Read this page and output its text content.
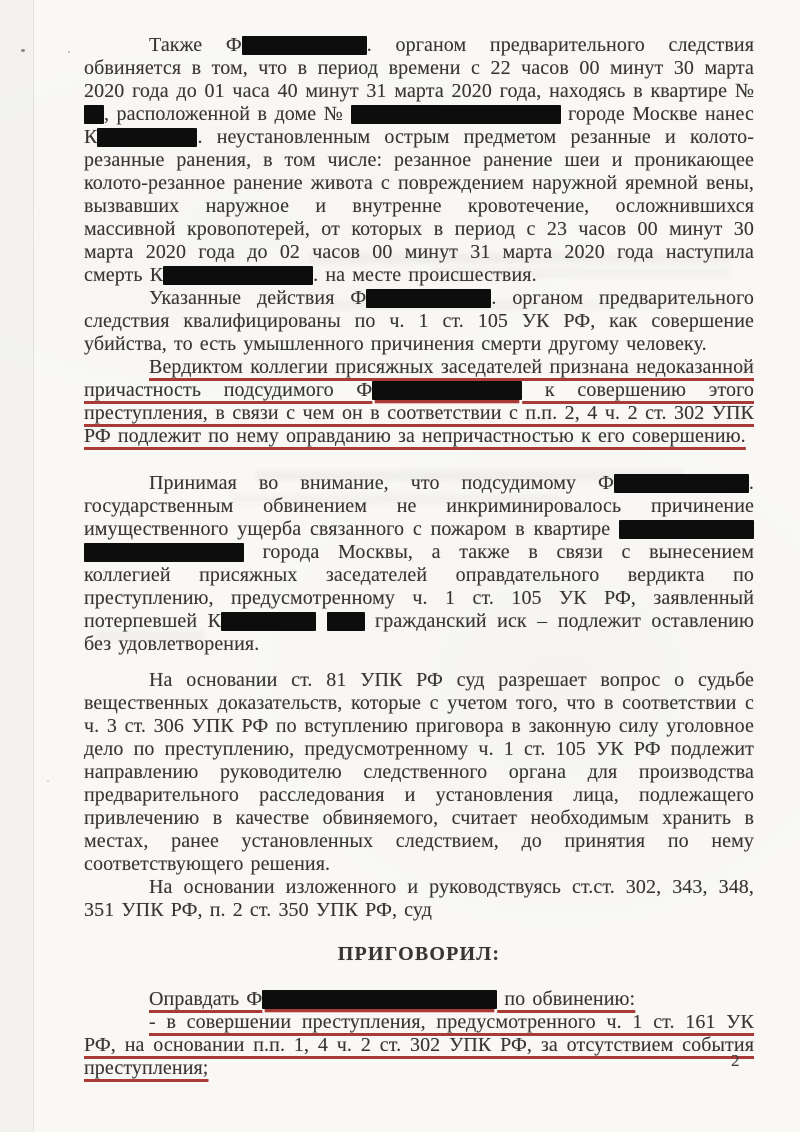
Также Ф	. органом предварительного следствия обвиняется в том, что в период времени с 22 часов 00 минут 30 марта 2020 года до 01 часа 40 минут 31 марта 2020 года, находясь в квартире № , расположенной в доме №	городе Москве нанес К	. неустановленным острым предметом резанные и колото-резанные ранения, в том числе: резанное ранение шеи и проникающее колото-резанное ранение живота с повреждением наружной яремной вены, вызвавших наружное и внутренне кровотечение, осложнившихся массивной кровопотерей, от которых в период с 23 часов 00 минут 30 марта 2020 года до 02 часов 00 минут 31 марта 2020 года наступила смерть К	. на месте происшествия.

Указанные действия Ф	. органом предварительного следствия квалифицированы по ч. 1 ст. 105 УК РФ, как совершение убийства, то есть умышленного причинения смерти другому человеку.

Вердиктом коллегии присяжных заседателей признана недоказанной причастность подсудимого Ф	к совершению этого преступления, в связи с чем он в соответствии с п.п. 2, 4 ч. 2 ст. 302 УПК РФ подлежит по нему оправданию за непричастностью к его совершению.

Принимая во внимание, что подсудимому Ф	. государственным обвинением не инкриминировалось причинение имущественного ущерба связанного с пожаром в квартире   города Москвы, а также в связи с вынесением коллегией присяжных заседателей оправдательного вердикта по преступлению, предусмотренному ч. 1 ст. 105 УК РФ, заявленный потерпевшей К	гражданский иск – подлежит оставлению без удовлетворения.

На основании ст. 81 УПК РФ суд разрешает вопрос о судьбе вещественных доказательств, которые с учетом того, что в соответствии с ч. 3 ст. 306 УПК РФ по вступлению приговора в законную силу уголовное дело по преступлению, предусмотренному ч. 1 ст. 105 УК РФ подлежит направлению руководителю следственного органа для производства предварительного расследования и установления лица, подлежащего привлечению в качестве обвиняемого, считает необходимым хранить в местах, ранее установленных следствием, до принятия по нему соответствующего решения.

На основании изложенного и руководствуясь ст.ст. 302, 343, 348, 351 УПК РФ, п. 2 ст. 350 УПК РФ, суд

ПРИГОВОРИЛ:

Оправдать Ф	по обвинению:

- в совершении преступления, предусмотренного ч. 1 ст. 161 УК РФ, на основании п.п. 1, 4 ч. 2 ст. 302 УПК РФ, за отсутствием события преступления;	2
